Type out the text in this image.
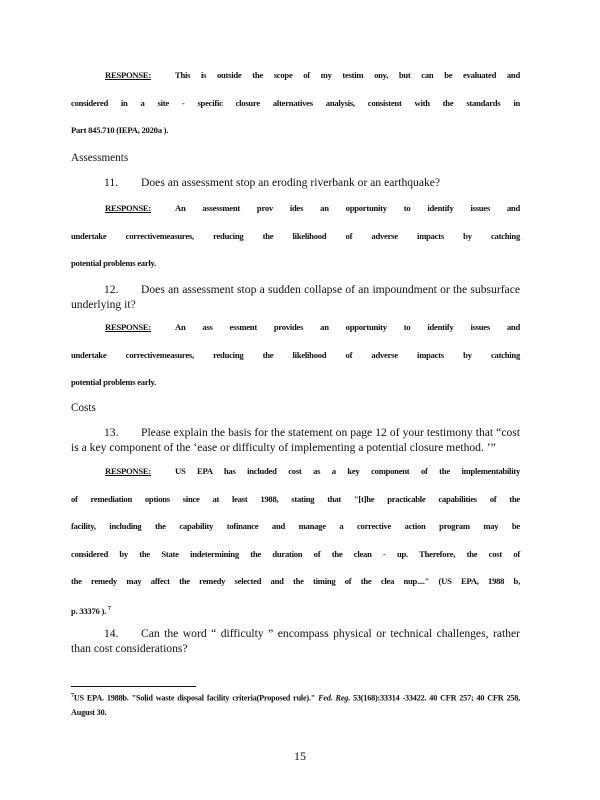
RESPONSE:	This is outside the scope of my testim ony, but can be evaluated and

considered in a site - specific closure alternatives analysis, consistent with the standards in

Part 845.710 (IEPA, 2020a ).

Assessments
11. Does an assessment stop an eroding riverbank or an earthquake?

RESPONSE:	An assessment prov ides an opportunity to identify issues and

undertake correctivemeasures, reducing the likelihood of adverse impacts by catching

potential problems early.

12. Does an assessment stop a sudden collapse of an impoundment or the subsurface underlying it?

RESPONSE:	An ass essment provides an opportunity to identify issues and

undertake correctivemeasures, reducing the likelihood of adverse impacts by catching

potential problems early.

Costs
13. Please explain the basis for the statement on page 12 of your testimony that “cost is a key component of the ‘ease or difficulty of implementing a potential closure method. ’”

RESPONSE:	US EPA has included cost as a key component of the implementability

of remediation options since at least 1988, stating that "[t]he practicable capabilities of the

facility, including the capability tofinance and manage a corrective action program may be

considered by the State indetermining the duration of the clean - up. Therefore, the cost of

the remedy may affect the remedy selected and the timing of the clea nup...." (US EPA, 1988 b,

p. 33376 ). $^7$

14. Can the word “ difficulty ” encompass physical or technical challenges, rather than cost considerations?
$^7$US EPA. 1988b. "Solid waste disposal facility criteria(Proposed rule)." Fed. Reg. 53(168):33314 -33422. 40 CFR 257; 40 CFR 258, August 30.
15
